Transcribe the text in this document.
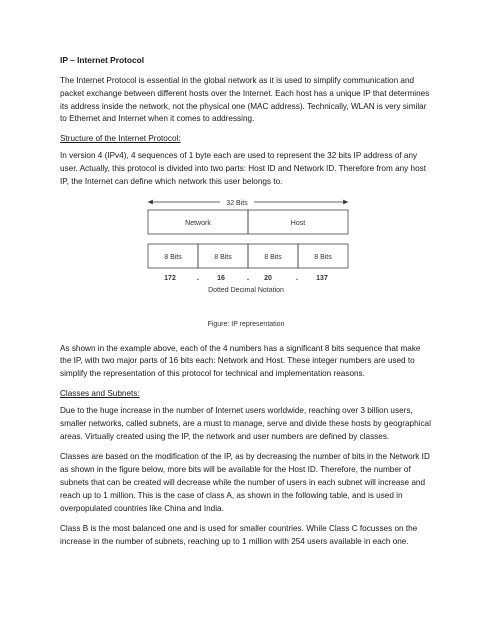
IP – Internet Protocol

The Internet Protocol is essential in the global network as it is used to simplify communication and packet exchange between different hosts over the Internet. Each host has a unique IP that determines its address inside the network, not the physical one (MAC address). Technically, WLAN is very similar to Ethernet and Internet when it comes to addressing.

Structure of the Internet Protocol:

In version 4 (IPv4), 4 sequences of 1 byte each are used to represent the 32 bits IP address of any user. Actually, this protocol is divided into two parts: Host ID and Network ID. Therefore from any host IP, the Internet can define which network this user belongs to.

32 Bits
Network	Host
8 Bits	8 Bits	8 Bits	8 Bits
172	.	16	. 20	.	137
Dotted Decimal Notation
Figure: IP representation

As shown in the example above, each of the 4 numbers has a significant 8 bits sequence that make the IP, with two major parts of 16 bits each: Network and Host. These integer numbers are used to simplify the representation of this protocol for technical and implementation reasons.

Classes and Subnets:

Due to the huge increase in the number of Internet users worldwide, reaching over 3 billion users, smaller networks, called subnets, are a must to manage, serve and divide these hosts by geographical areas. Virtually created using the IP, the network and user numbers are defined by classes.

Classes are based on the modification of the IP, as by decreasing the number of bits in the Network ID as shown in the figure below, more bits will be available for the Host ID. Therefore, the number of subnets that can be created will decrease while the number of users in each subnet will increase and reach up to 1 million. This is the case of class A, as shown in the following table, and is used in overpopulated countries like China and India.

Class B is the most balanced one and is used for smaller countries. While Class C focusses on the increase in the number of subnets, reaching up to 1 million with 254 users available in each one.
